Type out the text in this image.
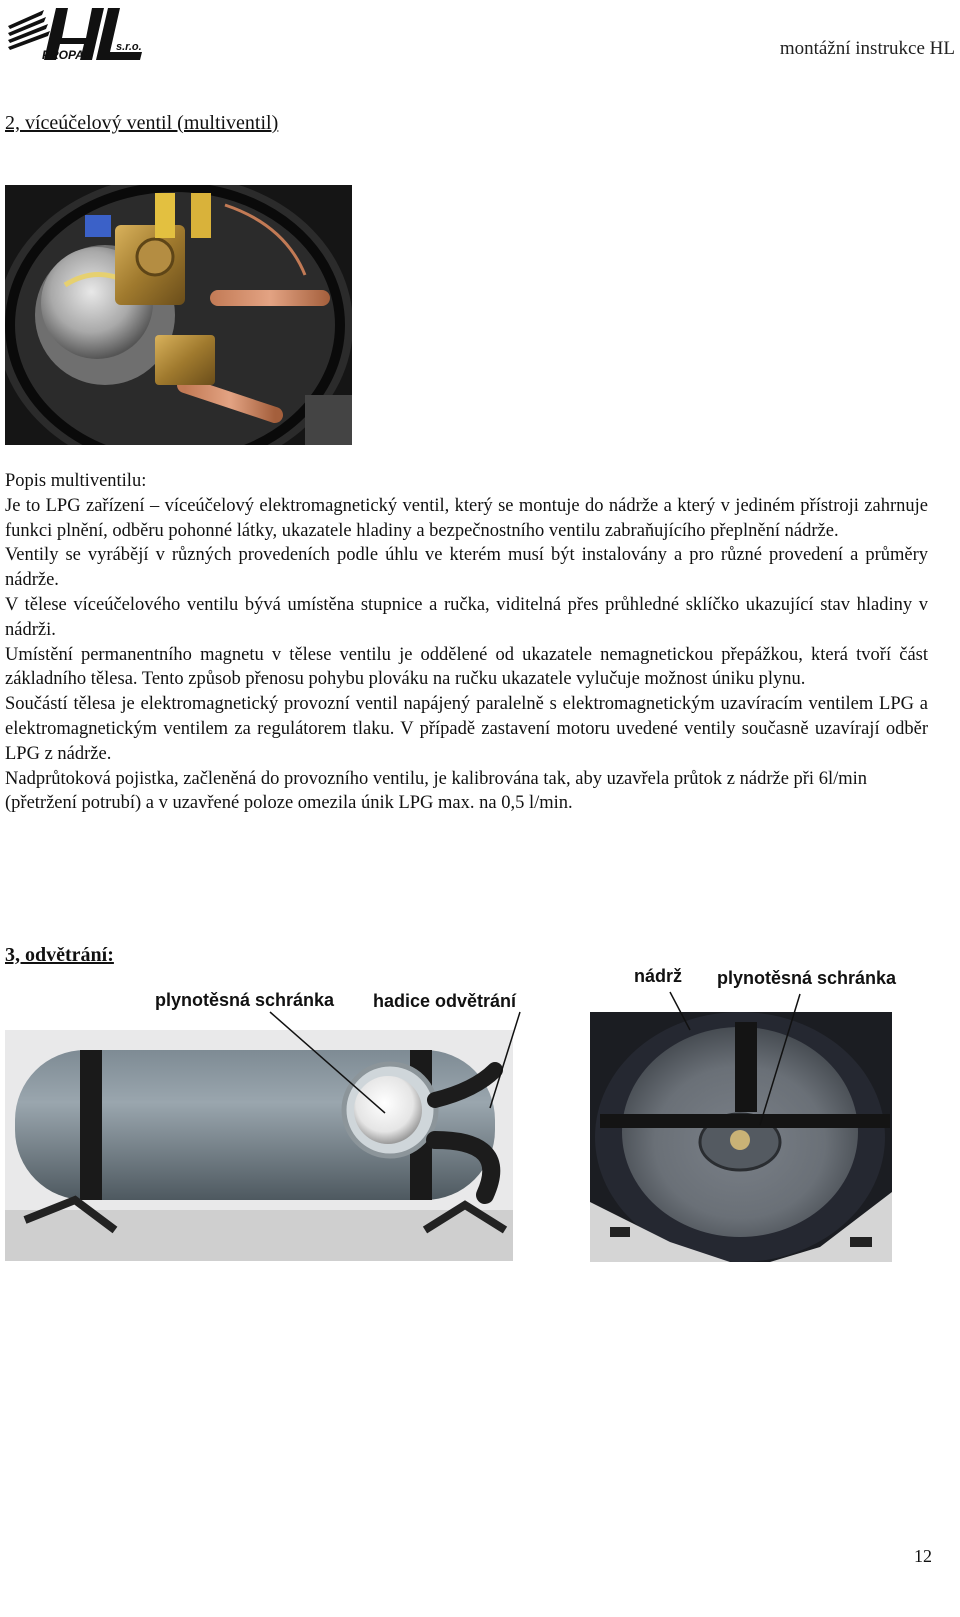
&
PROPAN
s.r.o.	montážní instrukce HL
2, víceúčelový ventil (multiventil)

Popis multiventilu:

Je to LPG zařízení – víceúčelový elektromagnetický ventil, který se montuje do nádrže a který v jediném přístroji zahrnuje funkci plnění, odběru pohonné látky, ukazatele hladiny a bezpečnostního ventilu zabraňujícího přeplnění nádrže.

Ventily se vyrábějí v různých provedeních podle úhlu ve kterém musí být instalovány a pro různé provedení a průměry nádrže.

V tělese víceúčelového ventilu bývá umístěna stupnice a ručka, viditelná přes průhledné sklíčko ukazující stav hladiny v nádrži.

Umístění permanentního magnetu v tělese ventilu je oddělené od ukazatele nemagnetickou přepážkou, která tvoří část základního tělesa. Tento způsob přenosu pohybu plováku na ručku ukazatele vylučuje možnost úniku plynu.

Součástí tělesa je elektromagnetický provozní ventil napájený paralelně s elektromagnetickým uzavíracím ventilem LPG a elektromagnetickým ventilem za regulátorem tlaku. V případě zastavení motoru uvedené ventily současně uzavírají odběr LPG z nádrže.

Nadprůtoková pojistka, začleněná do provozního ventilu, je kalibrována tak, aby uzavřela průtok z nádrže při 6l/min (přetržení potrubí) a v uzavřené poloze omezila únik LPG max. na 0,5 l/min.

3, odvětrání:
plynotěsná schránka hadice odvětrání
nádrž plynotěsná schránka
12
